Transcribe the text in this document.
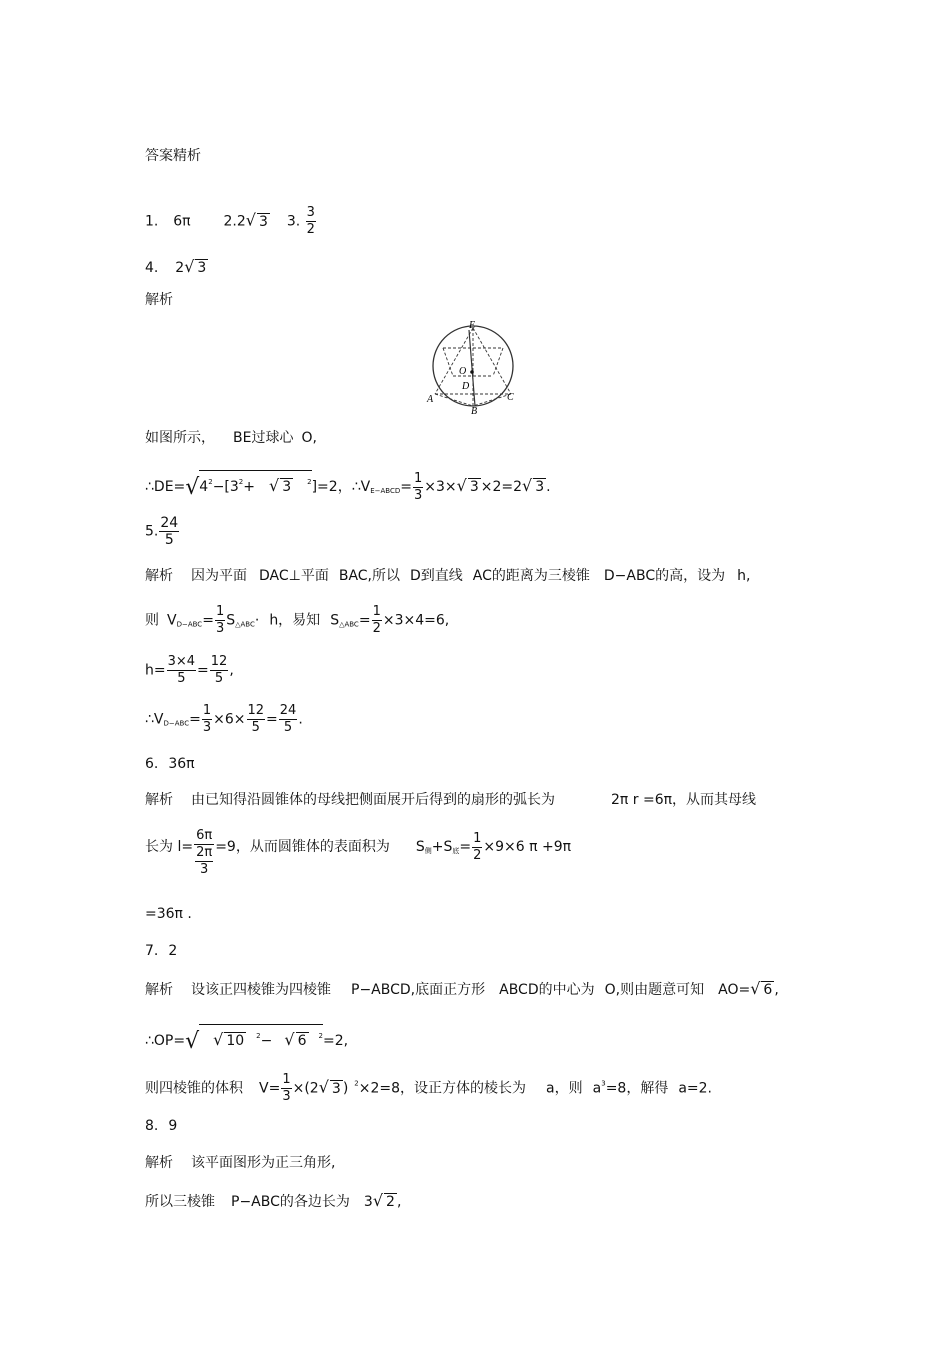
答案精析
1. 6π 2.2√ 3 3. $\frac{3}{2}$
4. 2√ 3
解析
E
O
D
A
B
C
如图所示， BE过球心 O,
$\therefore DE=√4^2-[3^2+$ √ 3 $^2$]=2，$\therefore V_{E-ABCD}= \frac{1}{3} \times 3\times√$ 3 ×2=2√ 3 .
5. $\frac{24}{5}$
解析 因为平面 DAC⊥平面 BAC,所以 D到直线 AC的距离为三棱锥 D−ABC的高，设为 h,
则 $V_{D-ABC}= \frac{1}{3} S_{\triangle ABC}\cdot h$，易知 $S_{\triangle ABC}= \frac{1}{2} \times 3\times 4=6$,
$h= \frac{3\times 4}{5} = \frac{12}{5}$ ,
$\therefore V_{D-ABC}= \frac{1}{3} \times 6\times \frac{12}{5} = \frac{24}{5}$ .
6. 36π
解析 由已知得沿圆锥体的母线把侧面展开后得到的扇形的弧长为	2π r =6π，从而其母线
长为 $l= \frac{6\pi}{\frac{2\pi}{3}} =9$，从而圆锥体的表面积为 $S_侧+S_底= \frac{1}{2} \times 9\times 6$ π +9π
=36π .
7. 2
解析 设该正四棱锥为四棱锥 P−ABCD,底面正方形 ABCD的中心为 O,则由题意可知 AO=√ 6 ,
∴OP=√ √ 10 $^2$− √ 6 $^2$=2,
则四棱锥的体积 $V= \frac{1}{3} \times(2√$ 3 ) $^2$×2=8，设正方体的棱长为 a，则 $a^3=8$，解得 a=2.
8. 9
解析 该平面图形为正三角形,
所以三棱锥 P−ABC的各边长为 3√ 2 ,
